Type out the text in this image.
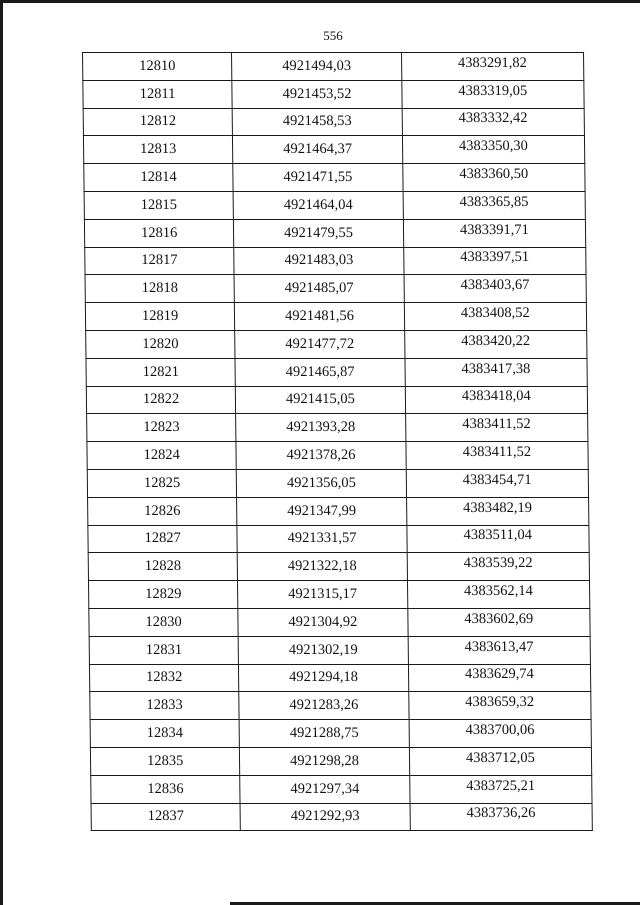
556
12810	4921494,03	4383291,82
12811	4921453,52	4383319,05
12812	4921458,53	4383332,42
12813	4921464,37	4383350,30
12814	4921471,55	4383360,50
12815	4921464,04	4383365,85
12816	4921479,55	4383391,71
12817	4921483,03	4383397,51
12818	4921485,07	4383403,67
12819	4921481,56	4383408,52
12820	4921477,72	4383420,22
12821	4921465,87	4383417,38
12822	4921415,05	4383418,04
12823	4921393,28	4383411,52
12824	4921378,26	4383411,52
12825	4921356,05	4383454,71
12826	4921347,99	4383482,19
12827	4921331,57	4383511,04
12828	4921322,18	4383539,22
12829	4921315,17	4383562,14
12830	4921304,92	4383602,69
12831	4921302,19	4383613,47
12832	4921294,18	4383629,74
12833	4921283,26	4383659,32
12834	4921288,75	4383700,06
12835	4921298,28	4383712,05
12836	4921297,34	4383725,21
12837	4921292,93	4383736,26
